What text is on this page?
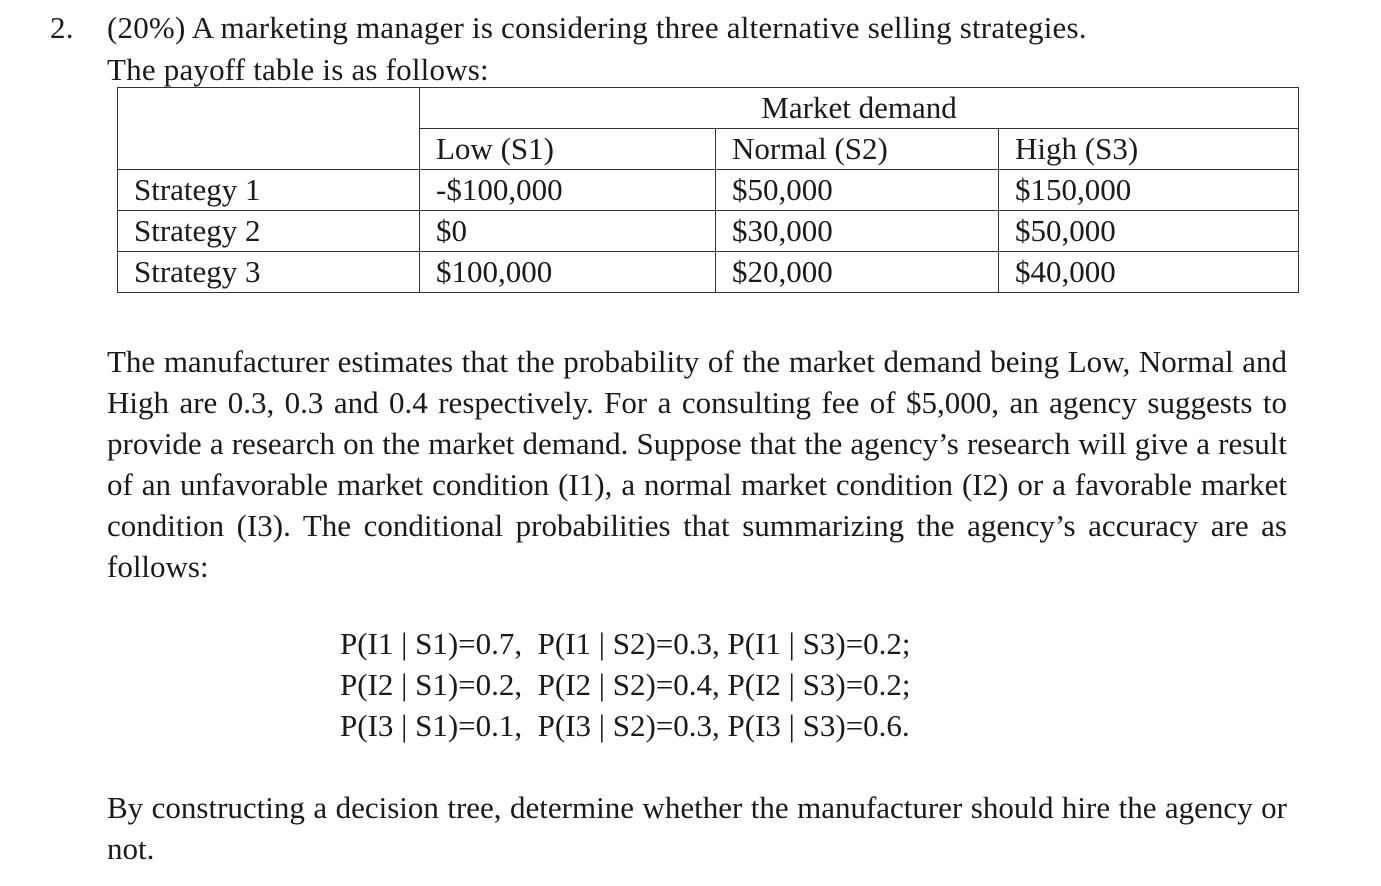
2. (20%) A marketing manager is considering three alternative selling strategies.
The payoff table is as follows:
	Market demand		
	Low (S1)	Normal (S2)	High (S3)
Strategy 1	-$100,000	$50,000	$150,000
Strategy 2	$0	$30,000	$50,000
Strategy 3	$100,000	$20,000	$40,000
The manufacturer estimates that the probability of the market demand being Low, Normal and High are 0.3, 0.3 and 0.4 respectively. For a consulting fee of $5,000, an agency suggests to provide a research on the market demand. Suppose that the agency’s research will give a result of an unfavorable market condition (I1), a normal market condition (I2) or a favorable market condition (I3). The conditional probabilities that summarizing the agency’s accuracy are as follows:
P(I1 | S1)=0.7,  P(I1 | S2)=0.3, P(I1 | S3)=0.2;
P(I2 | S1)=0.2,  P(I2 | S2)=0.4, P(I2 | S3)=0.2;
P(I3 | S1)=0.1,  P(I3 | S2)=0.3, P(I3 | S3)=0.6.
By constructing a decision tree, determine whether the manufacturer should hire the agency or not.
